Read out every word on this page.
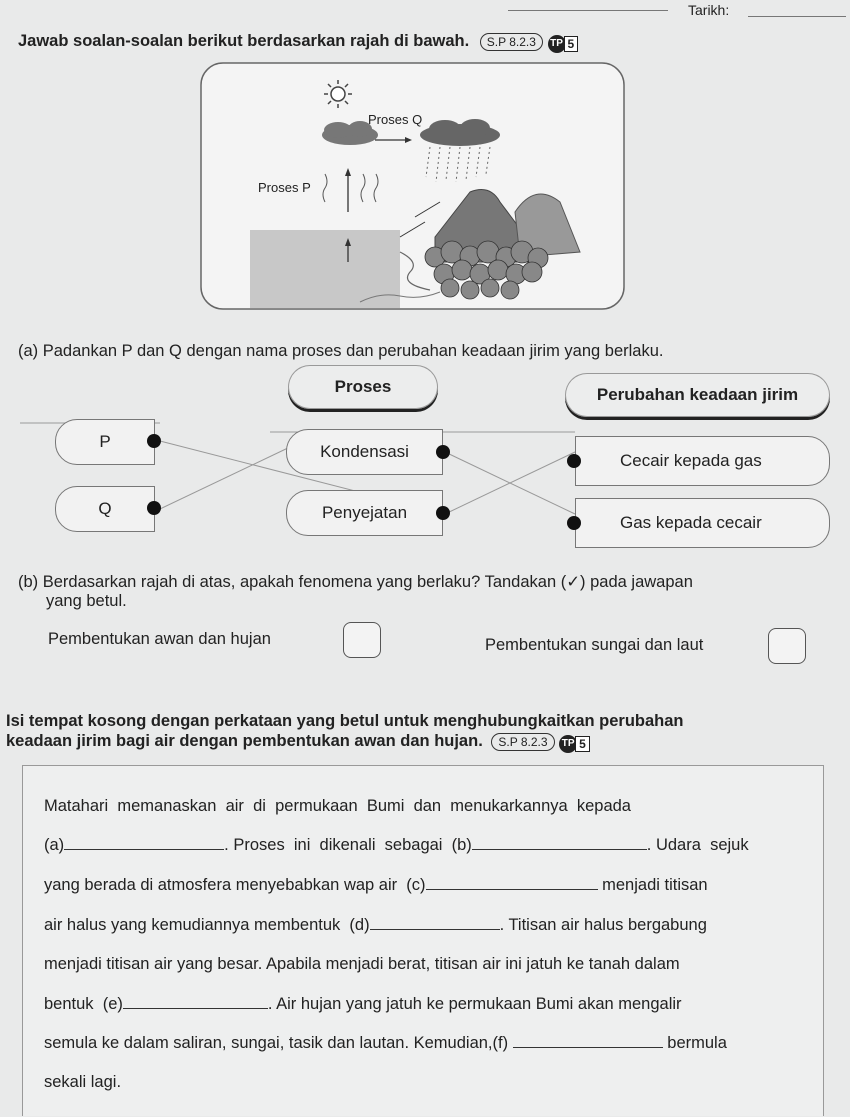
Tarikh:
Jawab soalan-soalan berikut berdasarkan rajah di bawah. S.P 8.2.3 TP 5
Proses Q
Proses P
(a) Padankan P dan Q dengan nama proses dan perubahan keadaan jirim yang berlaku.
Proses	Perubahan keadaan jirim
P
Q
Kondensasi
Penyejatan
Cecair kepada gas
Gas kepada cecair
(b) Berdasarkan rajah di atas, apakah fenomena yang berlaku? Tandakan (✓) pada jawapan
yang betul.
Pembentukan awan dan hujan	Pembentukan sungai dan laut
Isi tempat kosong dengan perkataan yang betul untuk menghubungkaitkan perubahan
keadaan jirim bagi air dengan pembentukan awan dan hujan. S.P 8.2.3 TP 5
Matahari  memanaskan  air  di  permukaan  Bumi  dan  menukarkannya  kepada
(a)	. Proses  ini  dikenali  sebagai  (b)	. Udara  sejuk
yang berada di atmosfera menyebabkan wap air  (c)	menjadi titisan
air halus yang kemudiannya membentuk  (d)	. Titisan air halus bergabung
menjadi titisan air yang besar. Apabila menjadi berat, titisan air ini jatuh ke tanah dalam
bentuk  (e)	. Air hujan yang jatuh ke permukaan Bumi akan mengalir
semula ke dalam saliran, sungai, tasik dan lautan. Kemudian,(f)	bermula
sekali lagi.
